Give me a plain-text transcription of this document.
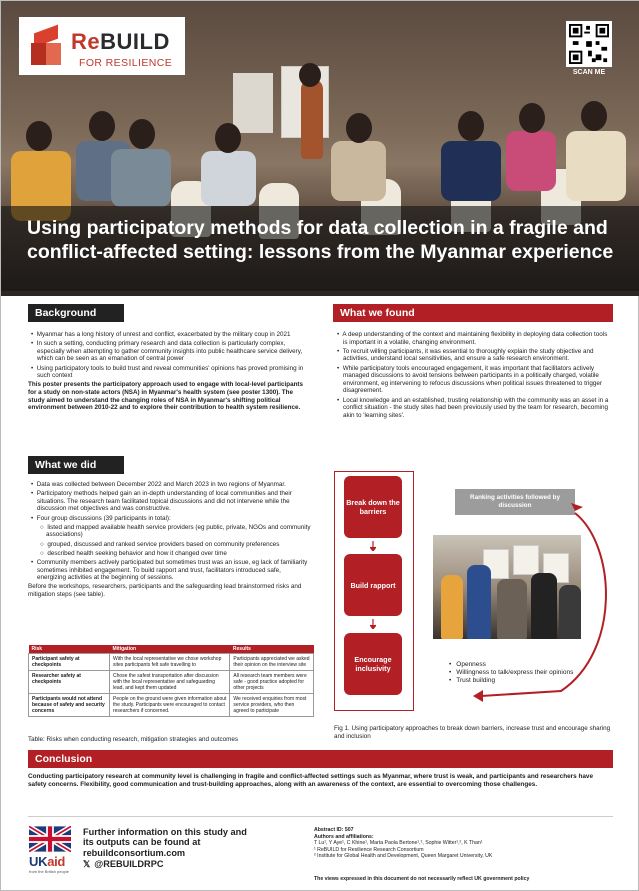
ReBUILD
FOR RESILIENCE
SCAN ME
Using participatory methods for data collection in a fragile and conflict-affected setting: lessons from the Myanmar experience
Background

•  Myanmar has a long history of unrest and conflict, exacerbated by the military coup in 2021

•  In such a setting, conducting primary research and data collection is particularly complex, especially when attempting to gather community insights into public healthcare service delivery, which can be seen as an emanation of central power

•  Using participatory tools to build trust and reveal communities' opinions has proved promising in such context

This poster presents the participatory approach used to engage with local-level participants for a study on non-state actors (NSA) in Myanmar's health system (see poster 1300). The study aimed to understand the changing roles of NSA in Myanmar's shifting political environment between 2010-22 and to explore their contribution to health system resilience.

What we did

•  Data was collected between December 2022 and March 2023 in two regions of Myanmar.

•  Participatory methods helped gain an in-depth understanding of local communities and their situations. The research team facilitated topical discussions and did not intervene while the discussion met objectives and was constructive.

•  Four group discussions (39 participants in total):

○  listed and mapped available health service providers (eg public, private, NGOs and community associations)

○  grouped, discussed and ranked service providers based on community preferences

○  described health seeking behavior and how it changed over time

•  Community members actively participated but sometimes trust was an issue, eg lack of familiarity sometimes inhibited engagement. To build rapport and trust, facilitators introduced safe, energizing activities at the beginning of sessions.

Before the workshops, researchers, participants and the safeguarding lead brainstormed risks and mitigation steps (see table).

Risk	Mitigation	Results
Participant safety at checkpoints	With the local representative we chose workshop sites participants felt safe travelling to	Participants appreciated we asked their opinion on the interview site
Researcher safety at checkpoints	Chose the safest transportation after discussion with the local representative and safeguarding lead, and kept them updated	All research team members were safe - good practice adopted for other projects
Participants would not attend because of safety and security concerns	People on the ground were given information about the study. Participants were encouraged to contact researchers if concerned.	We received enquiries from most service providers, who then agreed to participate
Table: Risks when conducting research, mitigation strategies and outcomes
What we found

•  A deep understanding of the context and maintaining flexibility in deploying data collection tools is important in a volatile, changing environment.

•  To recruit willing participants, it was essential to thoroughly explain the study objective and activities, understand local sensitivities, and ensure a safe research environment.

•  While participatory tools encouraged engagement, it was important that facilitators actively managed discussions to avoid tensions between participants in a politically charged, volatile environment, eg intervening to refocus discussions when political issues threatened to trigger disagreement.

•  Local knowledge and an established, trusting relationship with the community was an asset in a conflict situation - the study sites had been previously used by the team for research, becoming akin to 'learning sites'.

Break down the barriers
Build rapport
Encourage inclusivity
Ranking activities followed by discussion
• Openness
• Willingness to talk/express their opinions
• Trust building
Fig 1. Using participatory approaches to break down barriers, increase trust and encourage sharing and inclusion
Conclusion
Conducting participatory research at community level is challenging in fragile and conflict-affected settings such as Myanmar, where trust is weak, and participants and researchers have safety concerns. Flexibility, good communication and trust-building approaches, along with an awareness of the context, are essential to overcoming those challenges.
UKaid
from the British people
Further information on this study and
its outputs can be found at
rebuildconsortium.com
𝕏 @REBUILDRPC
Abstract ID: 507
Authors and affiliations:
T Lu¹, Y Aye¹, C Khine¹, Marta Paola Bertone¹,², Sophie Witter¹,², K Than¹
¹ ReBUILD for Resilience Research Consortium
² Institute for Global Health and Development, Queen Margaret University, UK
The views expressed in this document do not necessarily reflect UK government policy
